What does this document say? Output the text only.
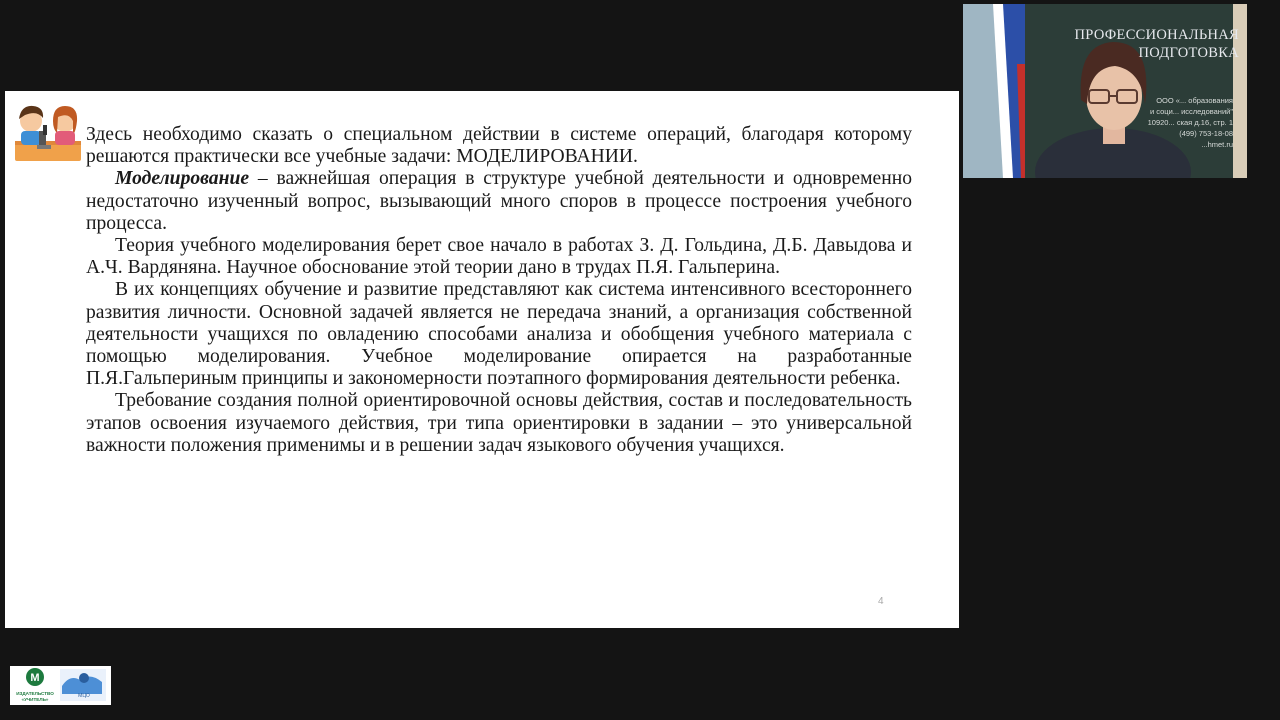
Здесь необходимо сказать о специальном действии в системе операций, благодаря которому решаются практически все учебные задачи: МОДЕЛИРОВАНИИ.

Моделирование – важнейшая операция в структуре учебной деятельности и одновременно недостаточно изученный вопрос, вызывающий много споров в процессе построения учебного процесса.

Теория учебного моделирования берет свое начало в работах З. Д. Гольдина, Д.Б. Давыдова и А.Ч. Вардяняна. Научное обоснование этой теории дано в трудах П.Я. Гальперина.

В их концепциях обучение и развитие представляют как система интенсивного всестороннего развития личности. Основной задачей является не передача знаний, а организация собственной деятельности учащихся по овладению способами анализа и обобщения учебного материала с помощью моделирования. Учебное моделирование опирается на разработанные П.Я.Гальпериным принципы и закономерности поэтапного формирования деятельности ребенка.

Требование создания полной ориентировочной основы действия, состав и последовательность этапов освоения изучаемого действия, три типа ориентировки в задании – это универсальной важности положения применимы и в решении задач языкового обучения учащихся.

4
ПРОФЕССИОНАЛЬНАЯ
ПОДГОТОВКА
ООО «... образования
и соци... исследований"
10920... ская д.16, стр. 1
(499) 753-18-08
...hmet.ru
М
ИЗДАТЕЛЬСТВО
«УЧИТЕЛЬ»
МЦО
